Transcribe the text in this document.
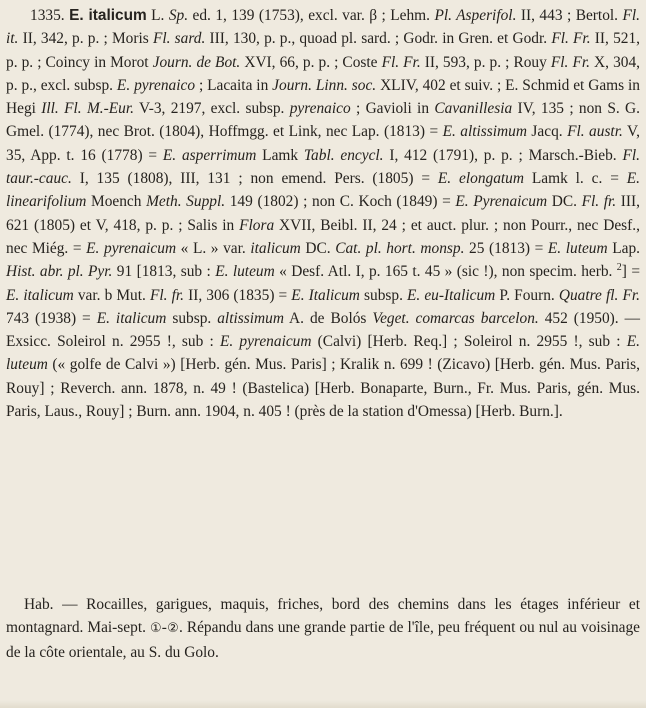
1335. E. italicum L. Sp. ed. 1, 139 (1753), excl. var. β ; Lehm. Pl. Asperifol. II, 443 ; Bertol. Fl. it. II, 342, p. p. ; Moris Fl. sard. III, 130, p. p., quoad pl. sard. ; Godr. in Gren. et Godr. Fl. Fr. II, 521, p. p. ; Coincy in Morot Journ. de Bot. XVI, 66, p. p. ; Coste Fl. Fr. II, 593, p. p. ; Rouy Fl. Fr. X, 304, p. p., excl. subsp. E. pyrenaico ; Lacaita in Journ. Linn. soc. XLIV, 402 et suiv. ; E. Schmid et Gams in Hegi Ill. Fl. M.-Eur. V-3, 2197, excl. subsp. pyrenaico ; Gavioli in Cavanillesia IV, 135 ; non S. G. Gmel. (1774), nec Brot. (1804), Hoffmgg. et Link, nec Lap. (1813) = E. altissimum Jacq. Fl. austr. V, 35, App. t. 16 (1778) = E. asperrimum Lamk Tabl. encycl. I, 412 (1791), p. p. ; Marsch.-Bieb. Fl. taur.-cauc. I, 135 (1808), III, 131 ; non emend. Pers. (1805) = E. elongatum Lamk l. c. = E. linearifolium Moench Meth. Suppl. 149 (1802) ; non C. Koch (1849) = E. Pyrenaicum DC. Fl. fr. III, 621 (1805) et V, 418, p. p. ; Salis in Flora XVII, Beibl. II, 24 ; et auct. plur. ; non Pourr., nec Desf., nec Miég. = E. pyrenaicum « L. » var. italicum DC. Cat. pl. hort. monsp. 25 (1813) = E. luteum Lap. Hist. abr. pl. Pyr. 91 [1813, sub : E. luteum « Desf. Atl. I, p. 165 t. 45 » (sic !), non specim. herb. $^2$] = E. italicum var. b Mut. Fl. fr. II, 306 (1835) = E. Italicum subsp. E. eu-Italicum P. Fourn. Quatre fl. Fr. 743 (1938) = E. italicum subsp. altissimum A. de Bolós Veget. comarcas barcelon. 452 (1950). — Exsicc. Soleirol n. 2955 !, sub : E. pyrenaicum (Calvi) [Herb. Req.] ; Soleirol n. 2955 !, sub : E. luteum (« golfe de Calvi ») [Herb. gén. Mus. Paris] ; Kralik n. 699 ! (Zicavo) [Herb. gén. Mus. Paris, Rouy] ; Reverch. ann. 1878, n. 49 ! (Bastelica) [Herb. Bonaparte, Burn., Fr. Mus. Paris, gén. Mus. Paris, Laus., Rouy] ; Burn. ann. 1904, n. 405 ! (près de la station d'Omessa) [Herb. Burn.].
Hab. — Rocailles, garigues, maquis, friches, bord des chemins dans les étages inférieur et montagnard. Mai-sept. ①-②. Répandu dans une grande partie de l'île, peu fréquent ou nul au voisinage de la côte orientale, au S. du Golo.
